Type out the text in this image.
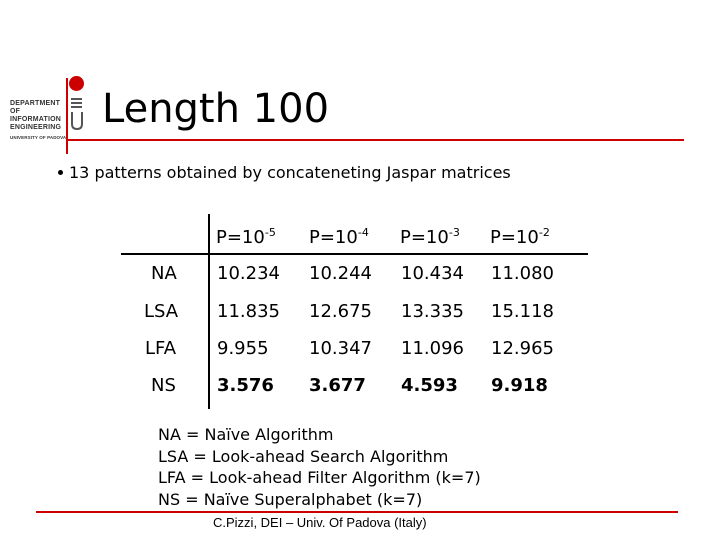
DEPARTMENT OF
INFORMATION
ENGINEERING
UNIVERSITY OF PADOVA
Length 100
13 patterns obtained by concateneting Jaspar matrices
$P=10^{-5}$ $P=10^{-4}$ $P=10^{-3}$ $P=10^{-2}$
NA	10.234 10.244 10.434 11.080
LSA	11.835 12.675 13.335 15.118
LFA	9.955 10.347 11.096 12.965
NS	3.576 3.677 4.593 9.918
NA = Naïve Algorithm
LSA = Look-ahead Search Algorithm
LFA = Look-ahead Filter Algorithm (k=7)
NS = Naïve Superalphabet (k=7)
C.Pizzi, DEI – Univ. Of Padova (Italy)
